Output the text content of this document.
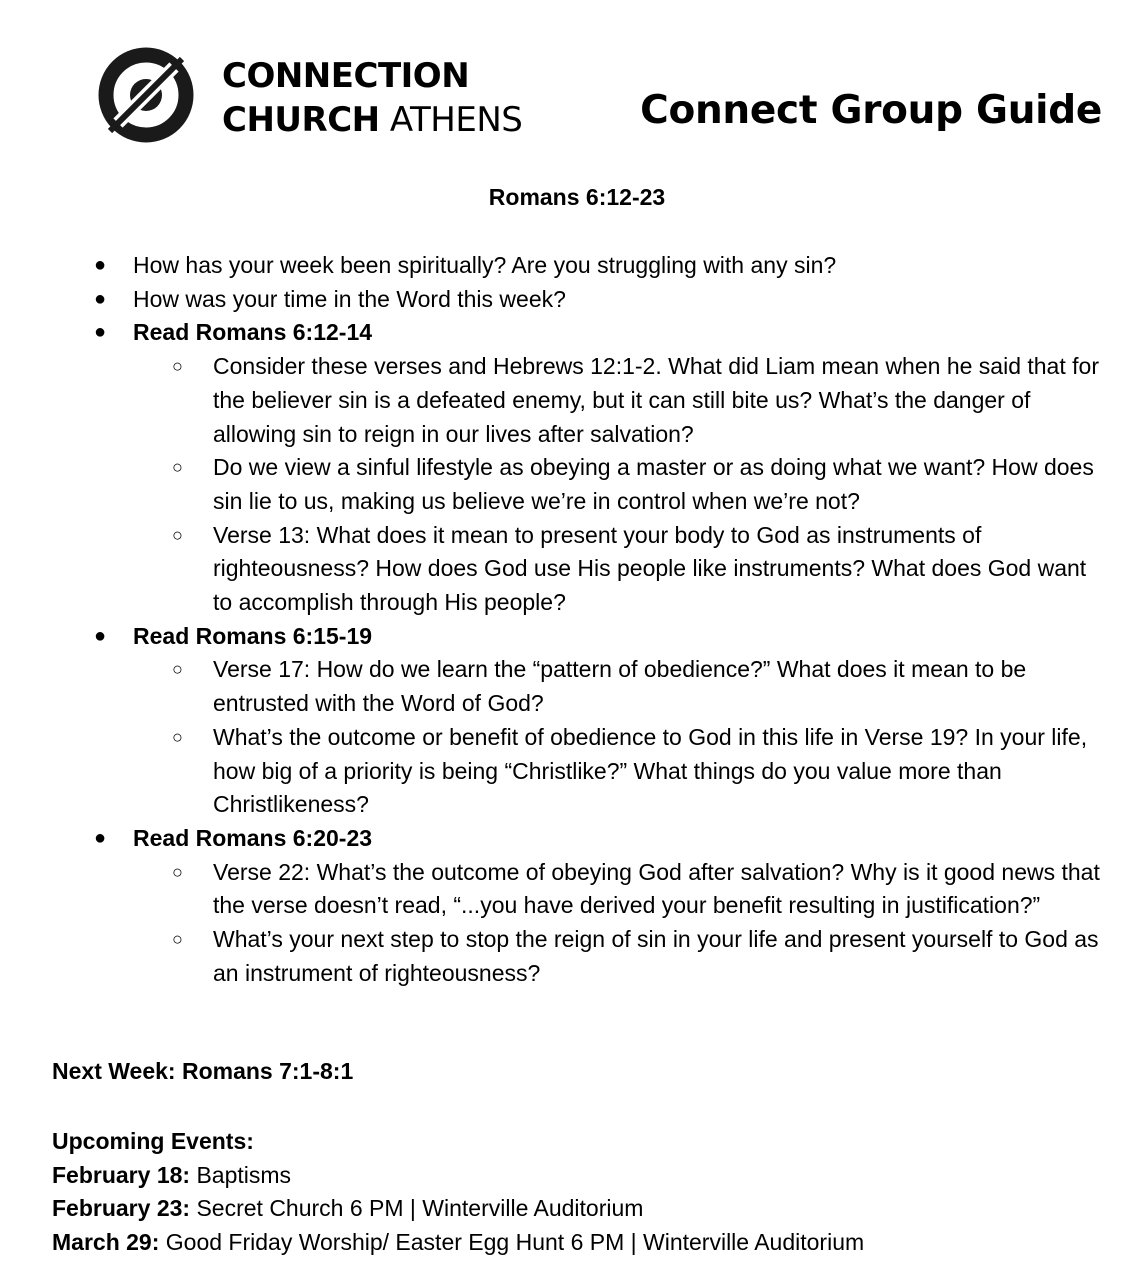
CONNECTION
CHURCH ATHENS	Connect Group Guide
Romans 6:12-23
● How has your week been spiritually? Are you struggling with any sin?
● How was your time in the Word this week?
● Read Romans 6:12-14
○ Consider these verses and Hebrews 12:1-2. What did Liam mean when he said that for the believer sin is a defeated enemy, but it can still bite us? What’s the danger of allowing sin to reign in our lives after salvation?
○ Do we view a sinful lifestyle as obeying a master or as doing what we want? How does sin lie to us, making us believe we’re in control when we’re not?
○ Verse 13: What does it mean to present your body to God as instruments of righteousness? How does God use His people like instruments? What does God want to accomplish through His people?
● Read Romans 6:15-19
○ Verse 17: How do we learn the “pattern of obedience?” What does it mean to be entrusted with the Word of God?
○ What’s the outcome or benefit of obedience to God in this life in Verse 19? In your life, how big of a priority is being “Christlike?” What things do you value more than Christlikeness?
● Read Romans 6:20-23
○ Verse 22: What’s the outcome of obeying God after salvation? Why is it good news that the verse doesn’t read, “...you have derived your benefit resulting in justification?”
○ What’s your next step to stop the reign of sin in your life and present yourself to God as an instrument of righteousness?
Next Week: Romans 7:1-8:1
Upcoming Events:
February 18: Baptisms
February 23: Secret Church 6 PM | Winterville Auditorium
March 29: Good Friday Worship/ Easter Egg Hunt 6 PM | Winterville Auditorium
